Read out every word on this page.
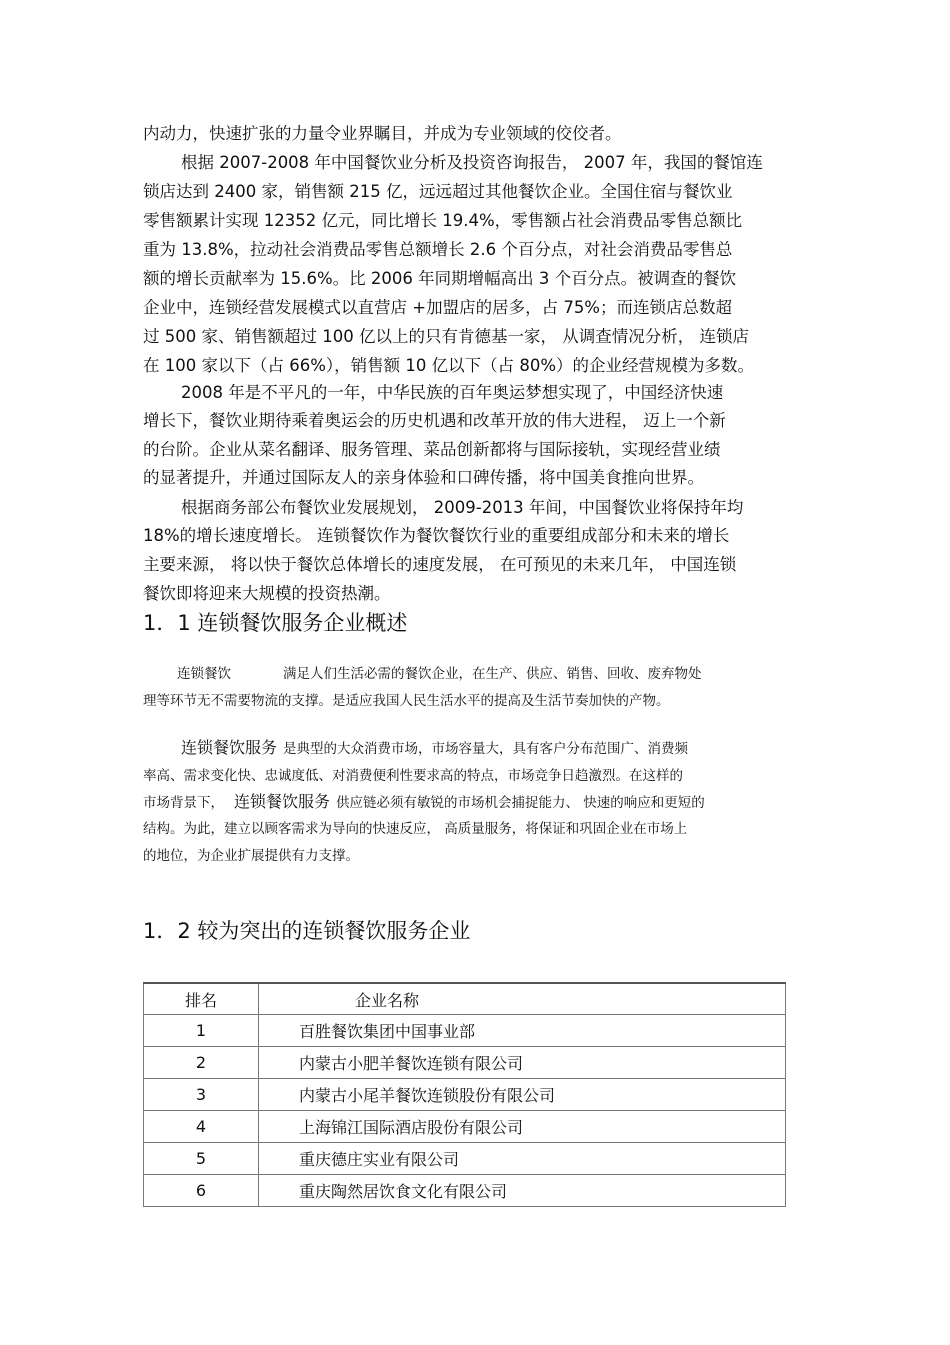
内动力，快速扩张的力量令业界瞩目，并成为专业领域的佼佼者。
根据 2007-2008 年中国餐饮业分析及投资咨询报告， 2007 年，我国的餐馆连
锁店达到 2400 家，销售额 215 亿，远远超过其他餐饮企业。全国住宿与餐饮业
零售额累计实现 12352 亿元，同比增长 19.4%，零售额占社会消费品零售总额比
重为 13.8%，拉动社会消费品零售总额增长 2.6 个百分点，对社会消费品零售总
额的增长贡献率为 15.6%。比 2006 年同期增幅高出 3 个百分点。被调查的餐饮
企业中，连锁经营发展模式以直营店 +加盟店的居多，占 75%；而连锁店总数超
过 500 家、销售额超过 100 亿以上的只有肯德基一家， 从调查情况分析， 连锁店
在 100 家以下（占 66%），销售额 10 亿以下（占 80%）的企业经营规模为多数。
2008 年是不平凡的一年，中华民族的百年奥运梦想实现了，中国经济快速
增长下，餐饮业期待乘着奥运会的历史机遇和改革开放的伟大进程， 迈上一个新
的台阶。企业从菜名翻译、服务管理、菜品创新都将与国际接轨，实现经营业绩
的显著提升，并通过国际友人的亲身体验和口碑传播，将中国美食推向世界。
根据商务部公布餐饮业发展规划， 2009-2013 年间，中国餐饮业将保持年均
18%的增长速度增长。 连锁餐饮作为餐饮餐饮行业的重要组成部分和未来的增长
主要来源， 将以快于餐饮总体增长的速度发展， 在可预见的未来几年， 中国连锁
餐饮即将迎来大规模的投资热潮。
1．1 连锁餐饮服务企业概述
连锁餐饮	满足人们生活必需的餐饮企业，在生产、供应、销售、回收、废弃物处
理等环节无不需要物流的支撑。是适应我国人民生活水平的提高及生活节奏加快的产物。
连锁餐饮服务 是典型的大众消费市场，市场容量大，具有客户分布范围广、消费频
率高、需求变化快、忠诚度低、对消费便利性要求高的特点，市场竞争日趋激烈。在这样的
市场背景下， 连锁餐饮服务 供应链必须有敏锐的市场机会捕捉能力、 快速的响应和更短的
结构。为此，建立以顾客需求为导向的快速反应， 高质量服务，将保证和巩固企业在市场上
的地位，为企业扩展提供有力支撑。
1．2 较为突出的连锁餐饮服务企业
排名	企业名称
1	百胜餐饮集团中国事业部
2	内蒙古小肥羊餐饮连锁有限公司
3	内蒙古小尾羊餐饮连锁股份有限公司
4	上海锦江国际酒店股份有限公司
5	重庆德庄实业有限公司
6	重庆陶然居饮食文化有限公司
